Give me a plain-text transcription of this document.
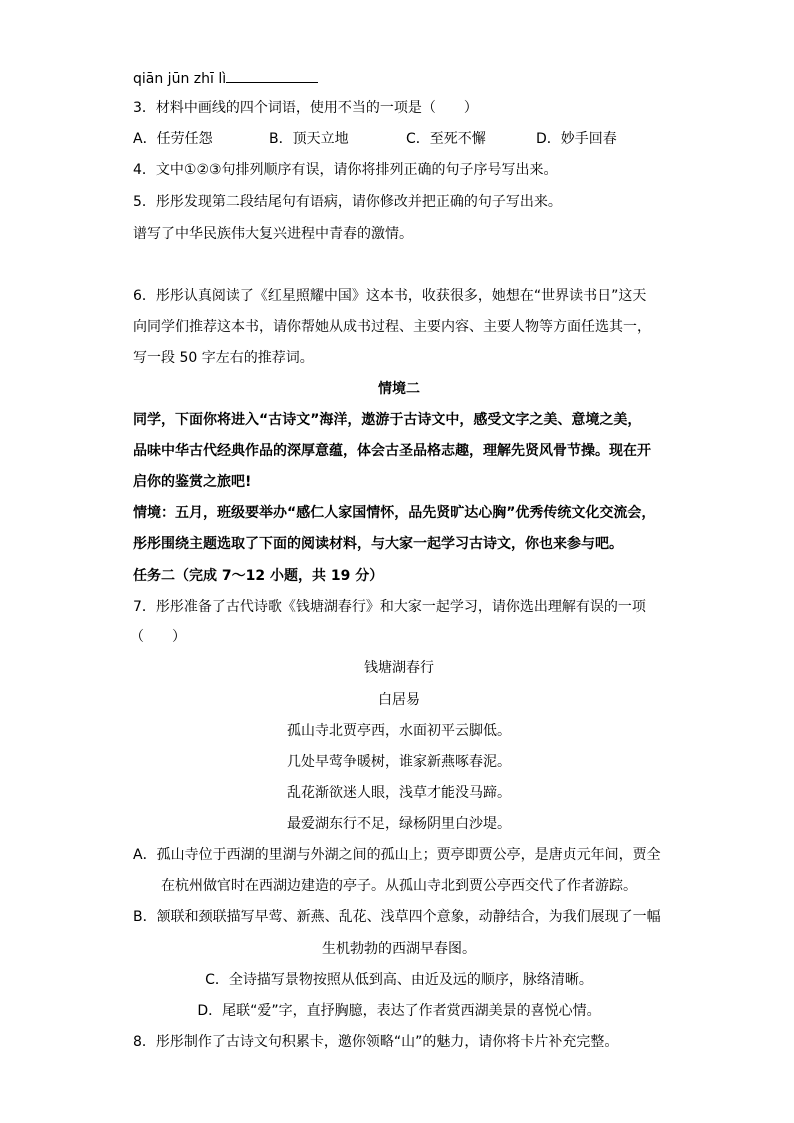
qiān jūn zhī lì
3．材料中画线的四个词语，使用不当的一项是（　　）
A．任劳任怨	B．顶天立地	C．至死不懈	D．妙手回春
4．文中①②③句排列顺序有误，请你将排列正确的句子序号写出来。
5．彤彤发现第二段结尾句有语病，请你修改并把正确的句子写出来。
谱写了中华民族伟大复兴进程中青春的激情。
6．彤彤认真阅读了《红星照耀中国》这本书，收获很多，她想在“世界读书日”这天
向同学们推荐这本书，请你帮她从成书过程、主要内容、主要人物等方面任选其一，
写一段 50 字左右的推荐词。
情境二
同学，下面你将进入“古诗文”海洋，遨游于古诗文中，感受文字之美、意境之美，
品味中华古代经典作品的深厚意蕴，体会古圣品格志趣，理解先贤风骨节操。现在开
启你的鉴赏之旅吧!
情境：五月，班级要举办“感仁人家国情怀，品先贤旷达心胸”优秀传统文化交流会，
彤彤围绕主题选取了下面的阅读材料，与大家一起学习古诗文，你也来参与吧。
任务二（完成 7～12 小题，共 19 分）
7．彤彤准备了古代诗歌《钱塘湖春行》和大家一起学习，请你选出理解有误的一项
（　　）
钱塘湖春行
白居易
孤山寺北贾亭西，水面初平云脚低。
几处早莺争暖树，谁家新燕啄春泥。
乱花渐欲迷人眼，浅草才能没马蹄。
最爱湖东行不足，绿杨阴里白沙堤。
A．孤山寺位于西湖的里湖与外湖之间的孤山上；贾亭即贾公亭，是唐贞元年间，贾全
在杭州做官时在西湖边建造的亭子。从孤山寺北到贾公亭西交代了作者游踪。
B．颔联和颈联描写早莺、新燕、乱花、浅草四个意象，动静结合，为我们展现了一幅
生机勃勃的西湖早春图。
C．全诗描写景物按照从低到高、由近及远的顺序，脉络清晰。
D．尾联“爱”字，直抒胸臆，表达了作者赏西湖美景的喜悦心情。
8．彤彤制作了古诗文句积累卡，邀你领略“山”的魅力，请你将卡片补充完整。
